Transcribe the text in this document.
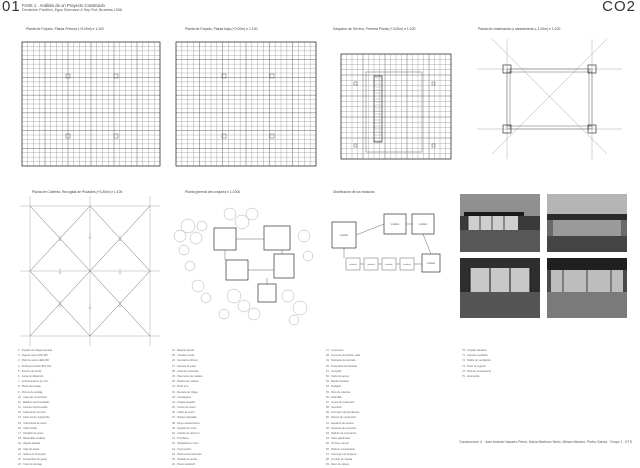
01	CO2
FASE 1 · Análisis de un Proyecto Construido
Deutscher Pavillion, Egon Eiermann & Sep Ruf, Bruselas 1958
Planta de Forjado, Planta Primera (+3,00m) e 1:100	Planta de Forjado, Planta baja (+0,00m) e 1:100	Despiece de Terreno, Primera Planta (+3,00m) e 1:100	Planta de cimentación y saneamiento (-1,00m) e 1:100
Planta de Cubierta, Recogida de Pluviales (+6,30m) e 1:100	Planta general del conjunto e 1:1000	Distribución de los módulos
módulo
módulo	módulo
módulo	módulo	módulo	módulo	módulo
1 · Forjado de chapa grecada
2 · Viga de acero IPE 300
3 · Pilar de acero HEB 200
4 · Perfil perimetral UPN 160
5 · Zuncho de borde
6 · Junta de dilatación
7 · Arriostramiento en cruz
8 · Placa de anclaje
9 · Pernos de anclaje
10 · Capa de compresión
11 · Mallazo electrosoldado
12 · Lámina impermeable
13 · Aislamiento térmico
14 · Falso techo registrable
15 · Carpintería de acero
16 · Vidrio doble
17 · Peldaño de acero
18 · Barandilla metálica
19 · Zapata aislada
20 · Viga de atado
21 · Solera de hormigón
22 · Encachado de grava
23 · Tubo de drenaje
24 · Bajante pluvial
25 · Canalón oculto
26 · Sumidero sifónico
27 · Arqueta de paso
28 · Colector enterrado
29 · Pavimento de madera
30 · Rastrel de madera
31 · Perfil en L
32 · Remate de chapa
33 · Vierteaguas
34 · Chapa plegada
35 · Tensor de acero
36 · Cable de acero
37 · Rótula articulada
38 · Apoyo elastomérico
39 · Angular de unión
40 · Cartela de refuerzo
41 · Tornillería
42 · Soldadura en obra
43 · Imprimación
44 · Pintura intumescente
45 · Sellado de juntas
46 · Panel sándwich
47 · Lucernario
48 · Lama de protección solar
49 · Montante de fachada
50 · Travesaño de fachada
51 · Junquillo
52 · Calzo de apoyo
53 · Banda acústica
54 · Rodapié
55 · Peto de cubierta
56 · Albardilla
57 · Grava de protección
58 · Geotextil
59 · Hormigón de pendientes
60 · Murete de contención
61 · Escalera de acceso
62 · Pasarela de conexión
63 · Módulo de exposición
64 · Patio ajardinado
65 · Terreno natural
66 · Relleno compactado
67 · Hormigón de limpieza
68 · Armado de zapata
69 · Muro de sótano
70 · Forjado sanitario
71 · Cámara ventilada
72 · Rejilla de ventilación
73 · Pozo de registro
74 · Red de saneamiento
75 · Acometida
Construcción 4 · José Antonio Navarro Pérez, María Martínez Nieto, Miriam Moreno, Pedro García · Grupo 1 · ETS
